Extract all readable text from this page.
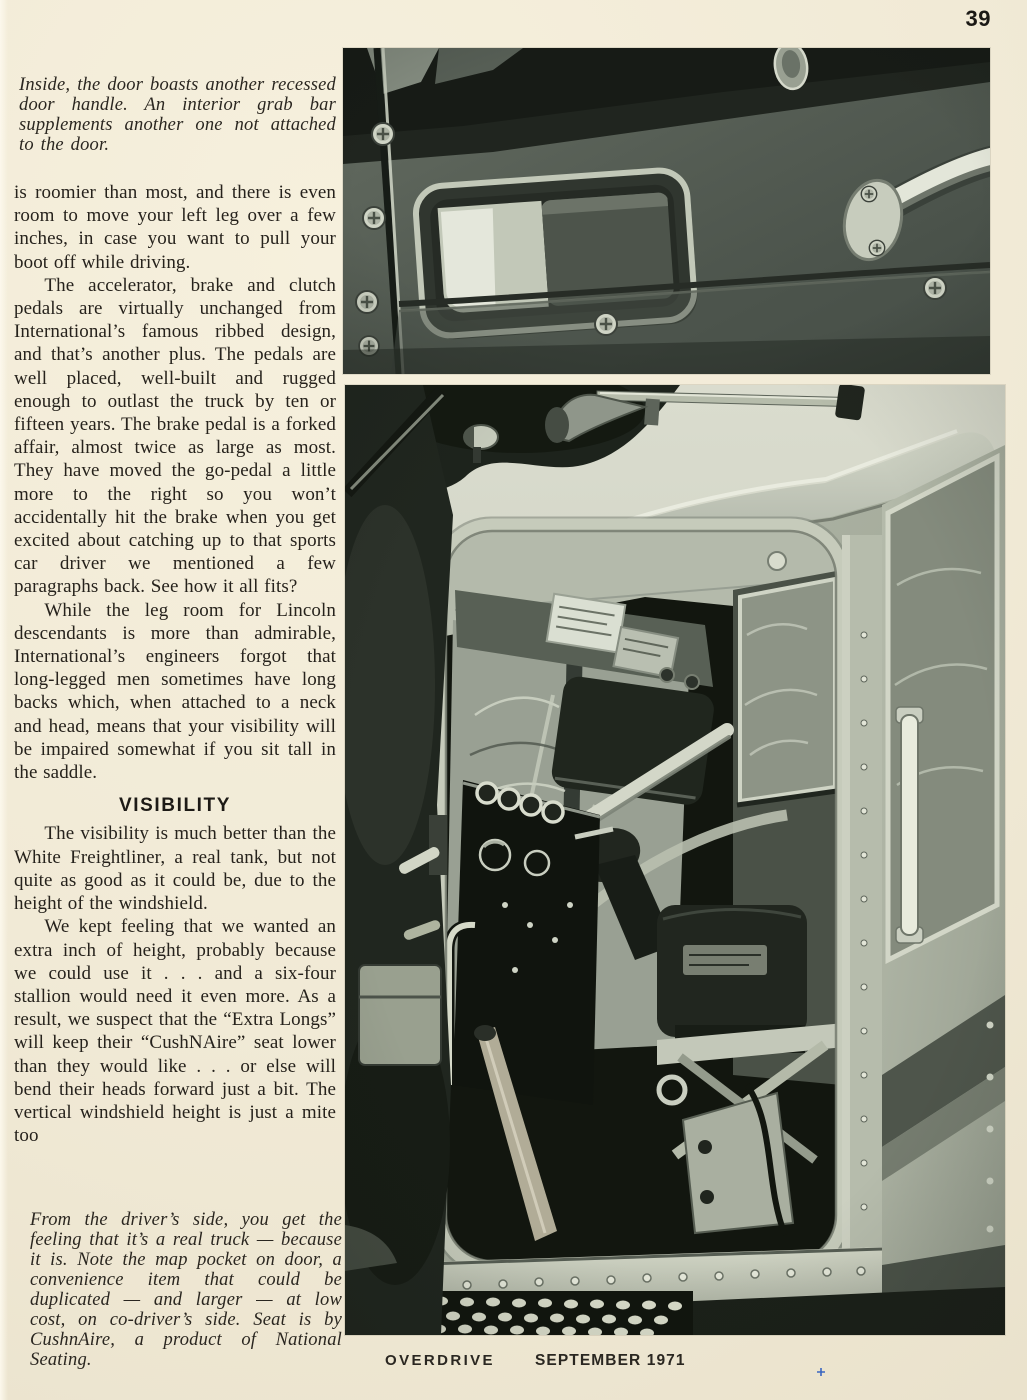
39

Inside, the door boasts another recessed door handle. An interior grab bar supplements another one not attached to the door.

is roomier than most, and there is even room to move your left leg over a few inches, in case you want to pull your boot off while driving.

The accelerator, brake and clutch pedals are virtually unchanged from International’s famous ribbed design, and that’s another plus. The pedals are well placed, well-built and rugged enough to outlast the truck by ten or fifteen years. The brake pedal is a forked affair, almost twice as large as most. They have moved the go-pedal a little more to the right so you won’t accidentally hit the brake when you get excited about catching up to that sports car driver we mentioned a few paragraphs back. See how it all fits?

While the leg room for Lincoln descendants is more than admirable, International’s engineers forgot that long-legged men sometimes have long backs which, when attached to a neck and head, means that your visibility will be impaired somewhat if you sit tall in the saddle.

VISIBILITY

The visibility is much better than the White Freightliner, a real tank, but not quite as good as it could be, due to the height of the windshield.

We kept feeling that we wanted an extra inch of height, probably because we could use it . . . and a six-four stallion would need it even more. As a result, we suspect that the “Extra Longs” will keep their “CushNAire” seat lower than they would like . . . or else will bend their heads forward just a bit. The vertical windshield height is just a mite too

From the driver’s side, you get the feeling that it’s a real truck — because it is. Note the map pocket on door, a convenience item that could be duplicated — and larger — at low cost, on co-driver’s side. Seat is by CushnAire, a product of National Seating.	OVERDRIVE	SEPTEMBER 1971
